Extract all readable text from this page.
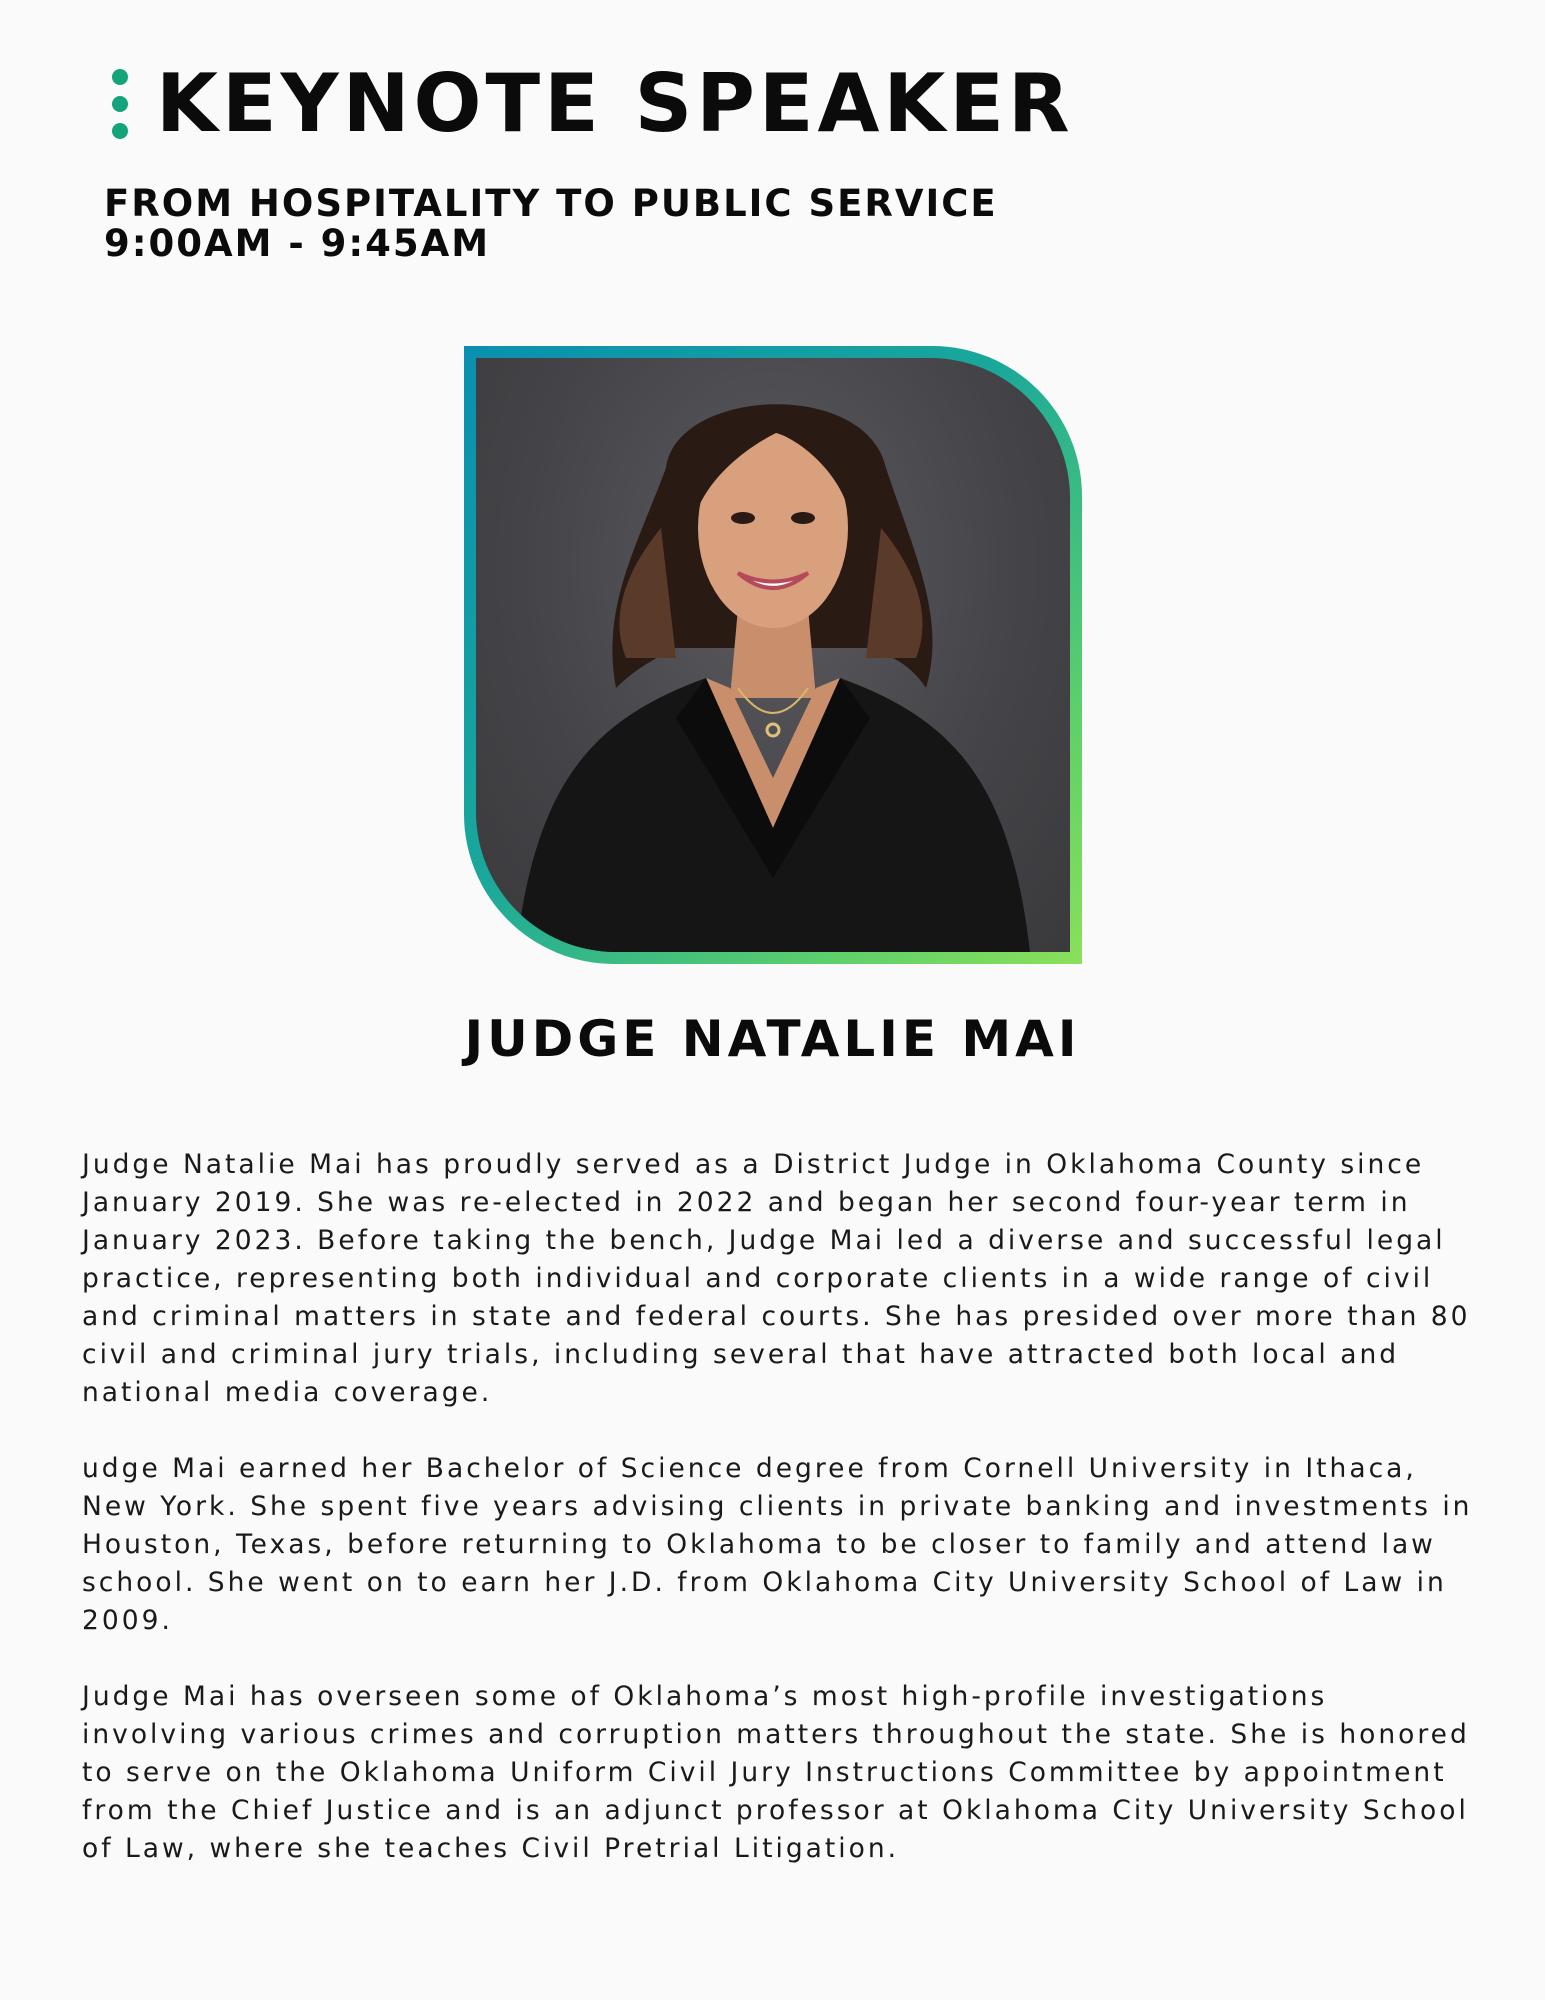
KEYNOTE SPEAKER
FROM HOSPITALITY TO PUBLIC SERVICE
9:00AM - 9:45AM
JUDGE NATALIE MAI

Judge Natalie Mai has proudly served as a District Judge in Oklahoma County since January 2019. She was re-elected in 2022 and began her second four-year term in January 2023. Before taking the bench, Judge Mai led a diverse and successful legal practice, representing both individual and corporate clients in a wide range of civil and criminal matters in state and federal courts. She has presided over more than 80 civil and criminal jury trials, including several that have attracted both local and national media coverage.

udge Mai earned her Bachelor of Science degree from Cornell University in Ithaca, New York. She spent five years advising clients in private banking and investments in Houston, Texas, before returning to Oklahoma to be closer to family and attend law school. She went on to earn her J.D. from Oklahoma City University School of Law in 2009.

Judge Mai has overseen some of Oklahoma’s most high-profile investigations involving various crimes and corruption matters throughout the state. She is honored to serve on the Oklahoma Uniform Civil Jury Instructions Committee by appointment from the Chief Justice and is an adjunct professor at Oklahoma City University School of Law, where she teaches Civil Pretrial Litigation.
